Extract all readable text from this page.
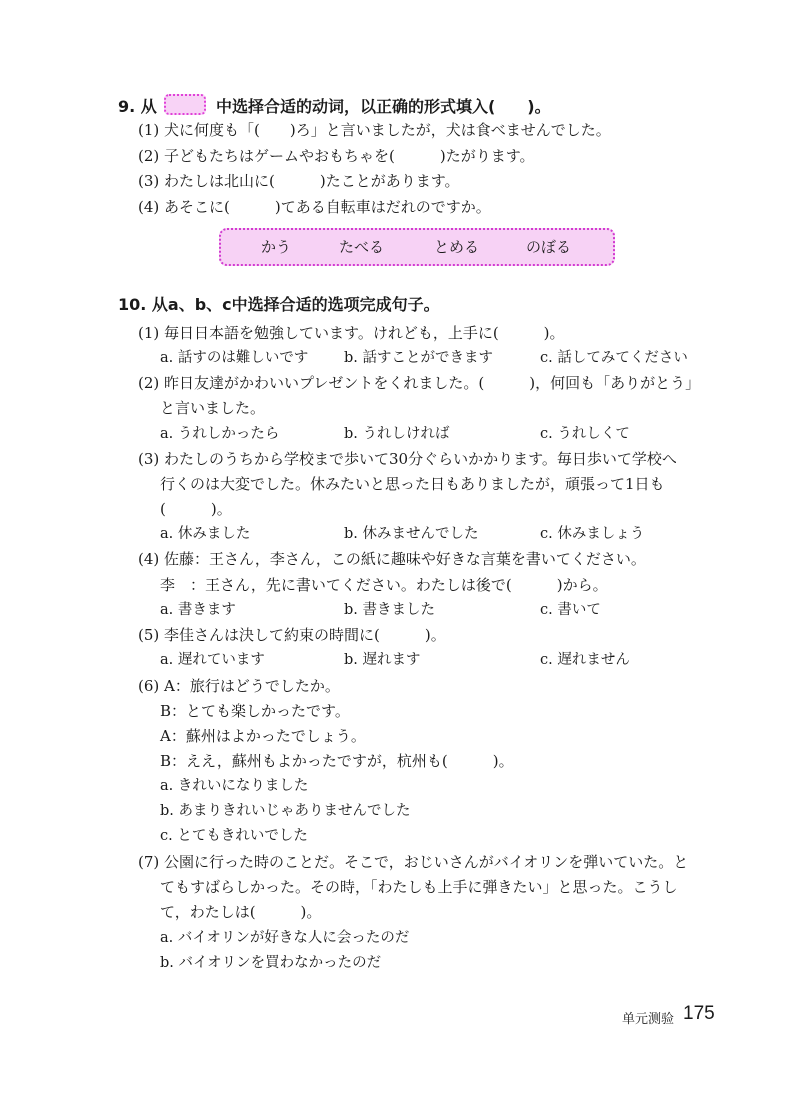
9. 从	中选择合适的动词，以正确的形式填入(　　)。
(1) 犬に何度も「(　　)ろ」と言いましたが，犬は食べませんでした。
(2) 子どもたちはゲームやおもちゃを(　　　)たがります。
(3) わたしは北山に(　　　)たことがあります。
(4) あそこに(　　　)てある自転車はだれのですか。
かう	たべる	とめる	のぼる
10. 从a、b、c中选择合适的选项完成句子。
(1) 毎日日本語を勉強しています。けれども，上手に(　　　)。
a. 話すのは難しいです b. 話すことができます	c. 話してみてください
(2) 昨日友達がかわいいプレゼントをくれました。(　　　)，何回も「ありがとう」
と言いました。
a. うれしかったら	b. うれしければ	c. うれしくて
(3) わたしのうちから学校まで歩いて30分ぐらいかかります。毎日歩いて学校へ
行くのは大変でした。休みたいと思った日もありましたが，頑張って1日も
(　　　)。
a. 休みました	b. 休みませんでした	c. 休みましょう
(4) 佐藤：王さん，李さん，この紙に趣味や好きな言葉を書いてください。
李　：王さん，先に書いてください。わたしは後で(　　　)から。
a. 書きます	b. 書きました	c. 書いて
(5) 李佳さんは決して約束の時間に(　　　)。
a. 遅れています	b. 遅れます	c. 遅れません
(6) A：旅行はどうでしたか。
B：とても楽しかったです。
A：蘇州はよかったでしょう。
B：ええ，蘇州もよかったですが，杭州も(　　　)。
a. きれいになりました
b. あまりきれいじゃありませんでした
c. とてもきれいでした
(7) 公園に行った時のことだ。そこで，おじいさんがバイオリンを弾いていた。と
てもすばらしかった。その時，「わたしも上手に弾きたい」と思った。こうし
て，わたしは(　　　)。
a. バイオリンが好きな人に会ったのだ
b. バイオリンを買わなかったのだ
单元测验 175
